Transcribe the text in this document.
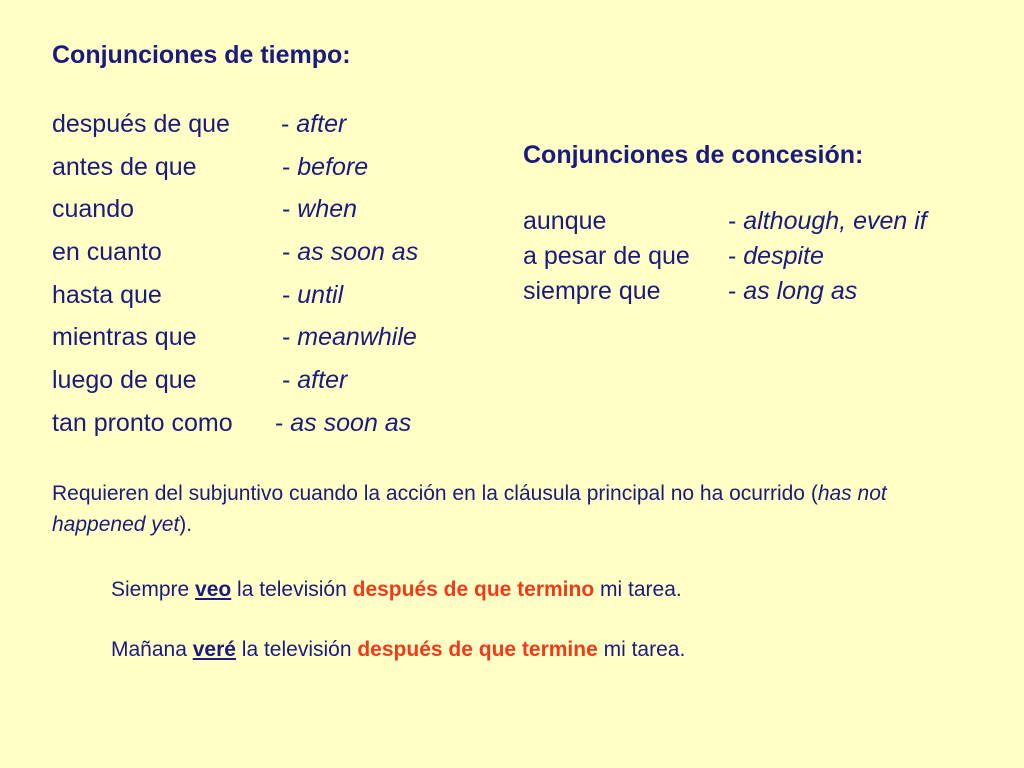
Conjunciones de tiempo:
después de que - after
antes de que	- before
cuando	- when
en cuanto	- as soon as
hasta que	- until
mientras que	- meanwhile
luego de que	- after
tan pronto como - as soon as
Conjunciones de concesión:
aunque	- although, even if
a pesar de que - despite
siempre que	- as long as
Requieren del subjuntivo cuando la acción en la cláusula principal no ha ocurrido (has not happened yet).
Siempre veo la televisión después de que termino mi tarea.
Mañana veré la televisión después de que termine mi tarea.
